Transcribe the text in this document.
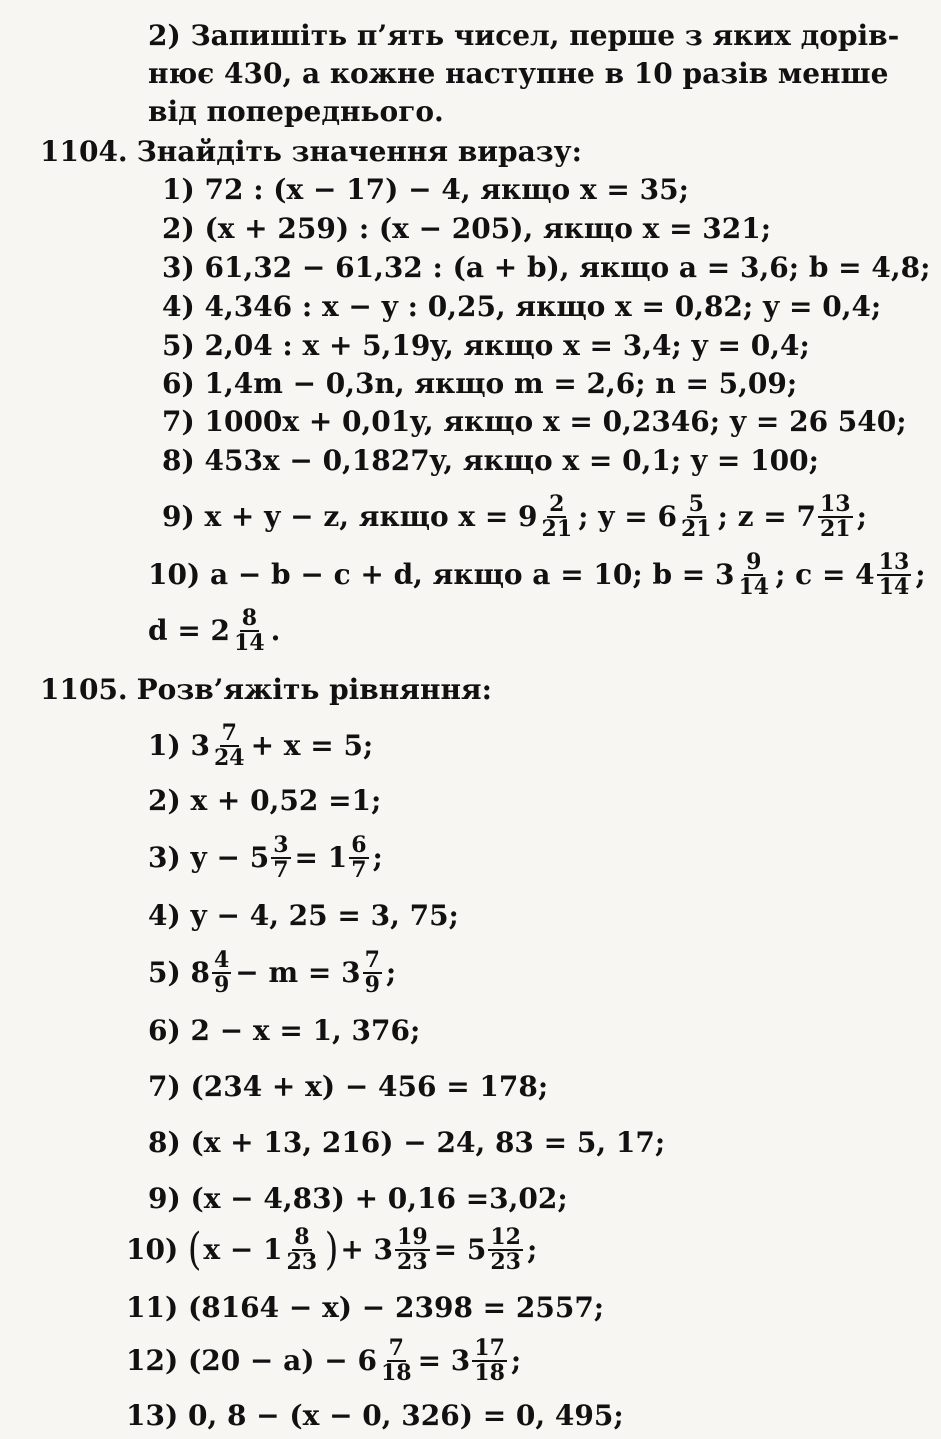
2) Запишіть п’ять чисел, перше з яких дорів-
нює 430, а кожне наступне в 10 разів менше
від попереднього.
1104. Знайдіть значення виразу:
1) 72 : (x − 17) − 4, якщо x = 35;
2) (x + 259) : (x − 205), якщо x = 321;
3) 61,32 − 61,32 : (a + b), якщо a = 3,6; b = 4,8;
4) 4,346 : x − y : 0,25, якщо x = 0,82; y = 0,4;
5) 2,04 : x + 5,19y, якщо x = 3,4; y = 0,4;
6) 1,4m − 0,3n, якщо m = 2,6; n = 5,09;
7) 1000x + 0,01y, якщо x = 0,2346; y = 26 540;
8) 453x − 0,1827y, якщо x = 0,1; y = 100;
9) x + y − z, якщо $x = 9 \frac{2}{21}$ ; $y = 6 \frac{5}{21}$ ; $z = 7 \frac{13}{21}$ ;
10) a − b − c + d, якщо a = 10; $b = 3 \frac{9}{14}$ ; $c = 4 \frac{13}{14}$ ;
$d = 2 \frac{8}{14}$ .
1105. Розв’яжіть рівняння:
1) $3 \frac{7}{24} + x = 5$;
2) x + 0,52 =1;
3) $y - 5 \frac{3}{7} = 1 \frac{6}{7}$ ;
4) y − 4, 25 = 3, 75;
5) $8 \frac{4}{9} - m = 3 \frac{7}{9}$ ;
6) 2 − x = 1, 376;
7) (234 + x) − 456 = 178;
8) (x + 13, 216) − 24, 83 = 5, 17;
9) (x − 4,83) + 0,16 =3,02;
10) ( $x - 1 \frac{8}{23}$ ) + $3 \frac{19}{23} = 5 \frac{12}{23}$ ;
11) (8164 − x) − 2398 = 2557;
12) $(20 - a) - 6 \frac{7}{18} = 3 \frac{17}{18}$ ;
13) 0, 8 − (x − 0, 326) = 0, 495;
